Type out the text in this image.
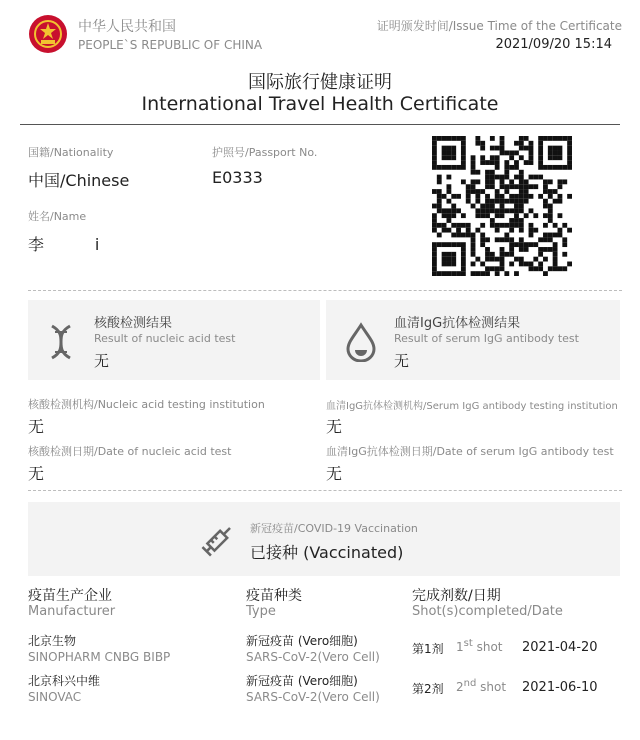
中华人民共和国
PEOPLE`S REPUBLIC OF CHINA
证明颁发时间/Issue Time of the Certificate
2021/09/20 15:14
国际旅行健康证明
International Travel Health Certificate
国籍/Nationality
中国/Chinese
护照号/Passport No.
E0333
姓名/Name
李          i
核酸检测结果
Result of nucleic acid test
无
血清IgG抗体检测结果
Result of serum IgG antibody test
无
核酸检测机构/Nucleic acid testing institution
无
血清IgG抗体检测机构/Serum IgG antibody testing institution
无
核酸检测日期/Date of nucleic acid test
无
血清IgG抗体检测日期/Date of serum IgG antibody test
无
新冠疫苗/COVID-19 Vaccination
已接种 (Vaccinated)
疫苗生产企业
Manufacturer
疫苗种类
Type
完成剂数/日期
Shot(s)completed/Date
北京生物
SINOPHARM CNBG BIBP
新冠疫苗 (Vero细胞)
SARS-CoV-2(Vero Cell)
第1剂 1st shot 2021-04-20
北京科兴中维
SINOVAC
新冠疫苗 (Vero细胞)
SARS-CoV-2(Vero Cell)
第2剂 2nd shot 2021-06-10
